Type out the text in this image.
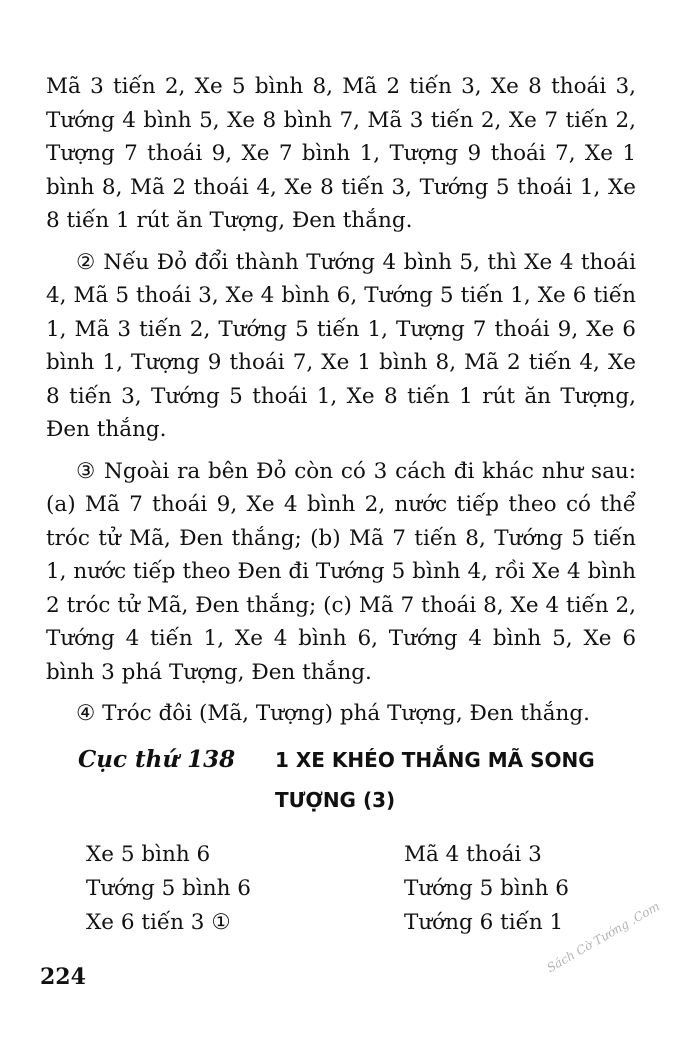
Mã 3 tiến 2, Xe 5 bình 8, Mã 2 tiến 3, Xe 8 thoái 3, Tướng 4 bình 5, Xe 8 bình 7, Mã 3 tiến 2, Xe 7 tiến 2, Tượng 7 thoái 9, Xe 7 bình 1, Tượng 9 thoái 7, Xe 1 bình 8, Mã 2 thoái 4, Xe 8 tiến 3, Tướng 5 thoái 1, Xe 8 tiến 1 rút ăn Tượng, Đen thắng.

② Nếu Đỏ đổi thành Tướng 4 bình 5, thì Xe 4 thoái 4, Mã 5 thoái 3, Xe 4 bình 6, Tướng 5 tiến 1, Xe 6 tiến 1, Mã 3 tiến 2, Tướng 5 tiến 1, Tượng 7 thoái 9, Xe 6 bình 1, Tượng 9 thoái 7, Xe 1 bình 8, Mã 2 tiến 4, Xe 8 tiến 3, Tướng 5 thoái 1, Xe 8 tiến 1 rút ăn Tượng, Đen thắng.

③ Ngoài ra bên Đỏ còn có 3 cách đi khác như sau: (a) Mã 7 thoái 9, Xe 4 bình 2, nước tiếp theo có thể tróc tử Mã, Đen thắng; (b) Mã 7 tiến 8, Tướng 5 tiến 1, nước tiếp theo Đen đi Tướng 5 bình 4, rồi Xe 4 bình 2 tróc tử Mã, Đen thắng; (c) Mã 7 thoái 8, Xe 4 tiến 2, Tướng 4 tiến 1, Xe 4 bình 6, Tướng 4 bình 5, Xe 6 bình 3 phá Tượng, Đen thắng.

④ Tróc đôi (Mã, Tượng) phá Tượng, Đen thắng.

Cục thứ 138 1 XE KHÉO THẮNG MÃ SONG TƯỢNG (3)
Xe 5 bình 6	Mã 4 thoái 3
Tướng 5 bình 6	Tướng 5 bình 6
Xe 6 tiến 3 ①	Tướng 6 tiến 1
224
Sách Cờ Tướng .Com
